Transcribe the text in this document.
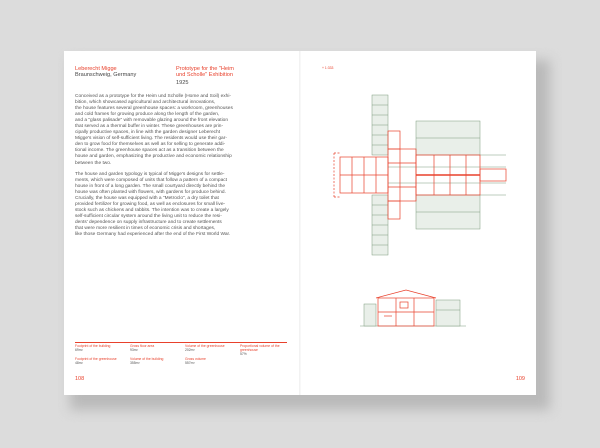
Leberecht Migge
Braunschweig, Germany
Prototype for the "Heim
und Scholle" Exhibition
1925

Conceived as a prototype for the Heim und Scholle (Home and Soil) exhi-
bition, which showcased agricultural and architectural innovations,
the house features several greenhouse spaces: a workroom, greenhouses
and cold frames for growing produce along the length of the garden,
and a "glass palisade" with removable glazing around the front elevation
that served as a thermal buffer in winter. These greenhouses are prin-
cipally productive spaces, in line with the garden designer Leberecht
Migge's vision of self-sufficient living. The residents would use their gar-
den to grow food for themselves as well as for selling to generate addi-
tional income. The greenhouse spaces act as a transition between the
house and garden, emphasizing the productive and economic relationship
between the two.

The house and garden typology is typical of Migge's designs for settle-
ments, which were composed of units that follow a pattern of a compact
house in front of a long garden. The small courtyard directly behind the
house was often planted with flowers, with gardens for produce behind.
Crucially, the house was equipped with a "Metroclo", a dry toilet that
provided fertilizer for growing food, as well as enclosures for small live-
stock such as chickens and rabbits. The intention was to create a largely
self-sufficient circular system around the living unit to reduce the resi-
dents' dependence on supply infrastructure and to create settlements
that were more resilient in times of economic crisis and shortages,
like those Germany had experienced after the end of the First World War.

Footprint of the building
69m²
Gross floor area
93m²
Volume of the greenhouse
202m³
Proportional volume of the greenhouse
57%
Footprint of the greenhouse
48m²
Volume of the building
355m³
Gross volume
557m³
108
+ 1:333
109
